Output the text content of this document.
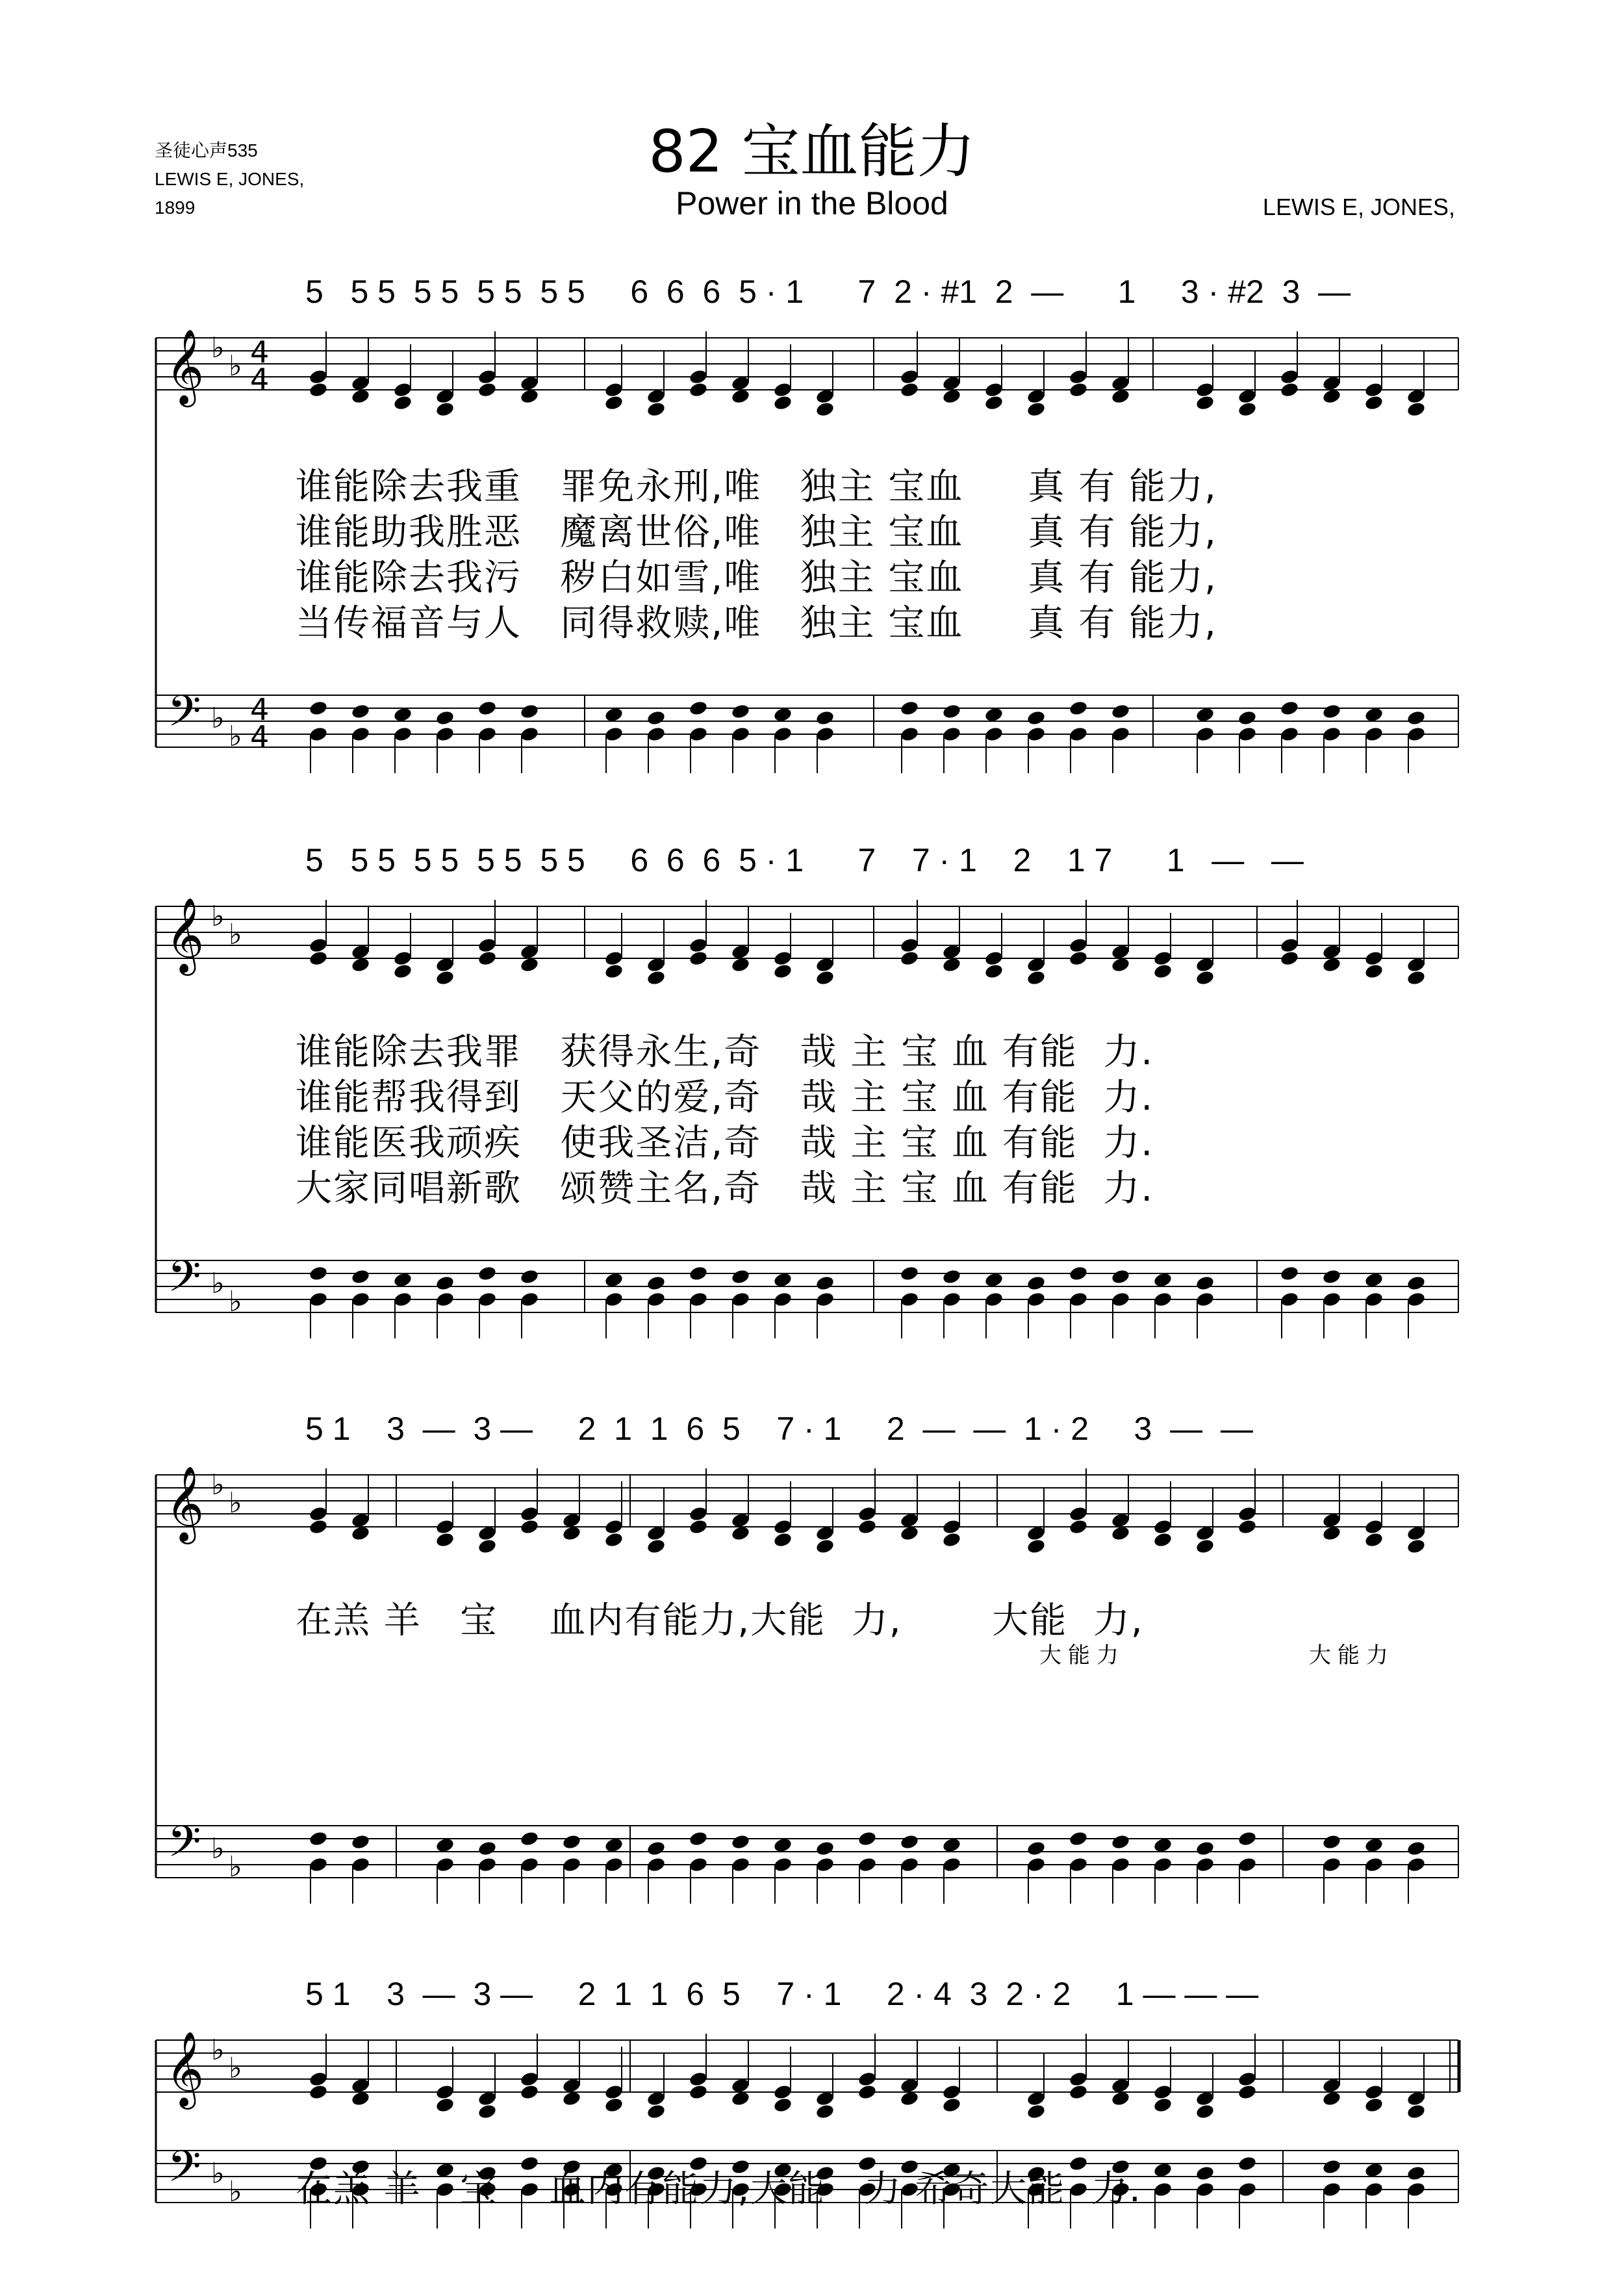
圣徒心声535
LEWIS E, JONES,
1899
82 宝血能力
Power in the Blood	LEWIS E, JONES,
𝄞
𝄢
♭
♭
♭
♭
4
4
4
4
𝄞
𝄢
♭
♭
♭
♭
𝄞
𝄢
♭
♭
♭
♭
𝄞
𝄢
♭
♭
♭
♭
5   5 5  5 5  5 5  5 5     6  6  6  5 · 1      7  2 · #1  2  —      1     3 · #2  3  —
谁能除去我重   罪免永刑,唯   独主 宝血     真 有 能力,
谁能助我胜恶   魔离世俗,唯   独主 宝血     真 有 能力,
谁能除去我污   秽白如雪,唯   独主 宝血     真 有 能力,
当传福音与人   同得救赎,唯   独主 宝血     真 有 能力,
5   5 5  5 5  5 5  5 5     6  6  6  5 · 1      7    7 · 1    2    1 7      1   —   —
谁能除去我罪   获得永生,奇   哉 主 宝 血 有能  力.
谁能帮我得到   天父的爱,奇   哉 主 宝 血 有能  力.
谁能医我顽疾   使我圣洁,奇   哉 主 宝 血 有能  力.
大家同唱新歌   颂赞主名,奇   哉 主 宝 血 有能  力.
5 1    3  —  3 —     2  1  1  6  5    7 · 1     2  —  —  1 · 2     3  —  —
在羔 羊   宝    血内有能力,大能  力,       大能  力,
大能力	大能力
5 1    3  —  3 —     2  1  1  6  5    7 · 1     2 · 4  3  2 · 2     1 — — —
在羔 羊   宝    血内有能力,大能   力 希奇大能  力.
